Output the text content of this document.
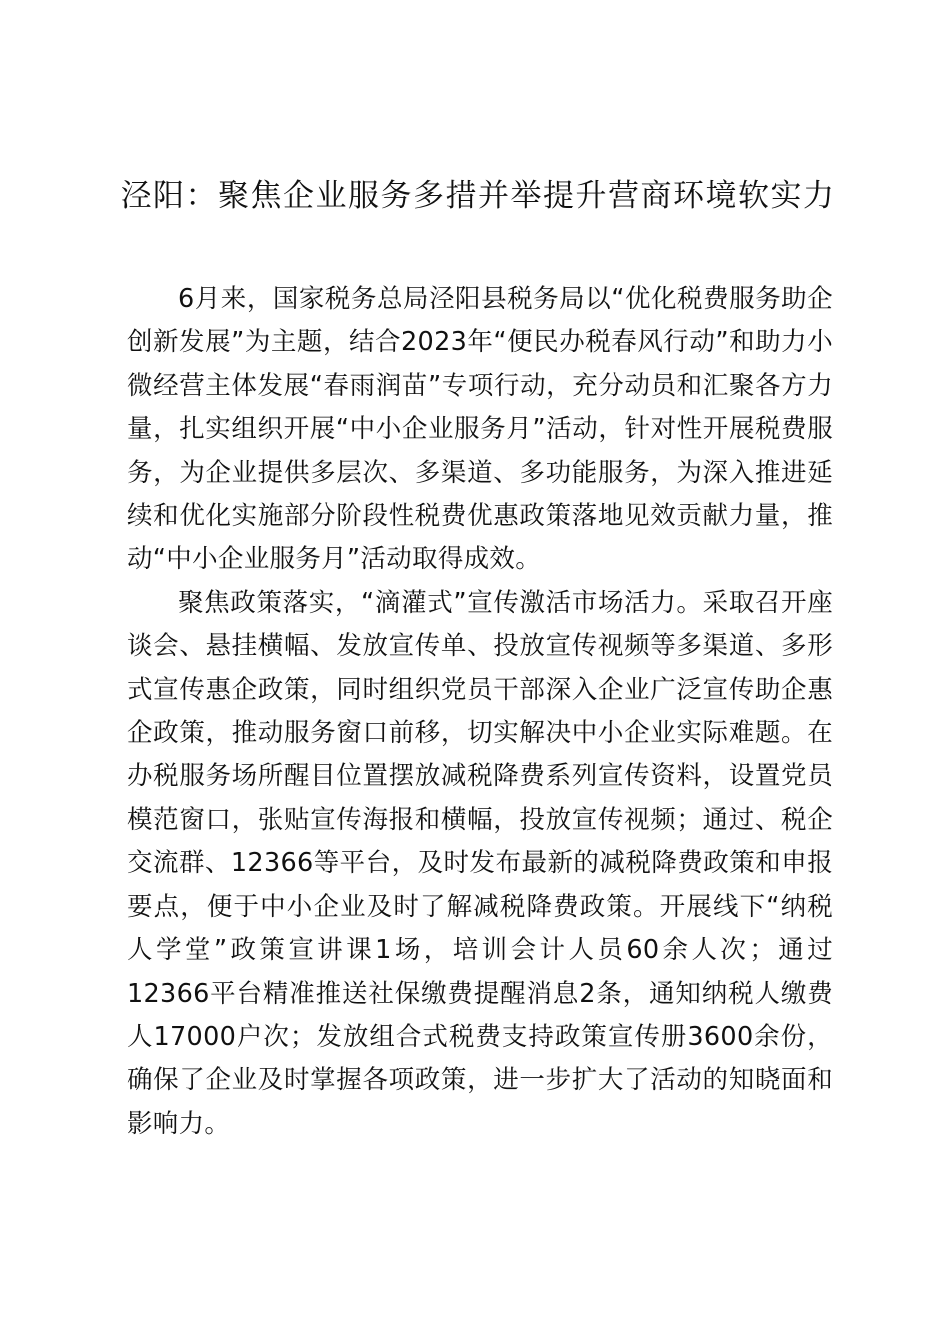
泾阳：聚焦企业服务多措并举提升营商环境软实力

6月来，国家税务总局泾阳县税务局以“优化税费服务助企创新发展”为主题，结合2023年“便民办税春风行动”和助力小微经营主体发展“春雨润苗”专项行动，充分动员和汇聚各方力量，扎实组织开展“中小企业服务月”活动，针对性开展税费服务，为企业提供多层次、多渠道、多功能服务，为深入推进延续和优化实施部分阶段性税费优惠政策落地见效贡献力量，推动“中小企业服务月”活动取得成效。

聚焦政策落实，“滴灌式”宣传激活市场活力。采取召开座谈会、悬挂横幅、发放宣传单、投放宣传视频等多渠道、多形式宣传惠企政策，同时组织党员干部深入企业广泛宣传助企惠企政策，推动服务窗口前移，切实解决中小企业实际难题。在办税服务场所醒目位置摆放减税降费系列宣传资料，设置党员模范窗口，张贴宣传海报和横幅，投放宣传视频；通过、税企交流群、12366等平台，及时发布最新的减税降费政策和申报要点，便于中小企业及时了解减税降费政策。开展线下“纳税人学堂”政策宣讲课1场，培训会计人员60余人次；通过12366平台精准推送社保缴费提醒消息2条，通知纳税人缴费人17000户次；发放组合式税费支持政策宣传册3600余份，确保了企业及时掌握各项政策，进一步扩大了活动的知晓面和影响力。
